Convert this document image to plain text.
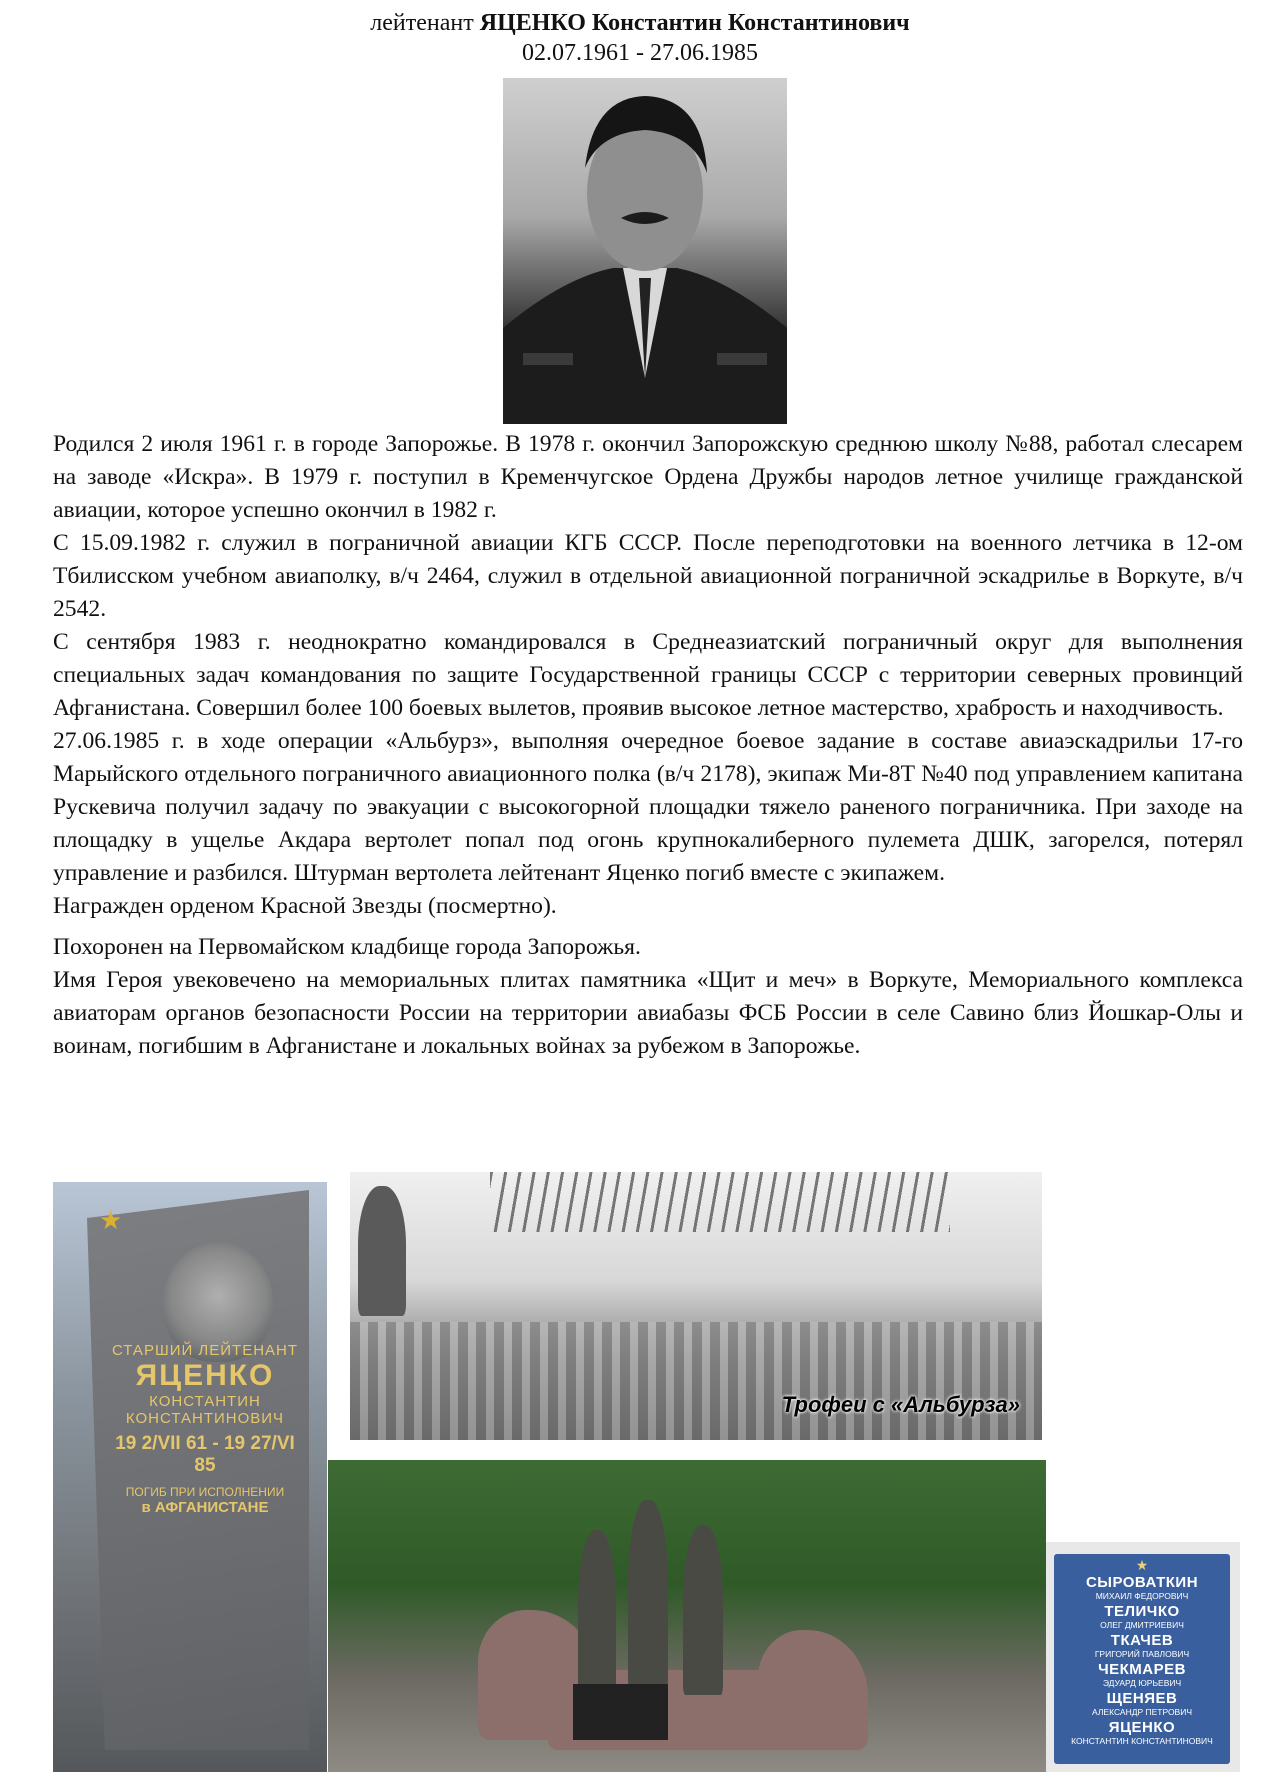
лейтенант ЯЦЕНКО Константин Константинович
02.07.1961 - 27.06.1985

Родился 2 июля 1961 г. в городе Запорожье. В 1978 г. окончил Запорожскую среднюю школу №88, работал слесарем на заводе «Искра». В 1979 г. поступил в Кременчугское Ордена Дружбы народов летное училище гражданской авиации, которое успешно окончил в 1982 г.

С 15.09.1982 г. служил в пограничной авиации КГБ СССР. После переподготовки на военного летчика в 12-ом Тбилисском учебном авиаполку, в/ч 2464, служил в отдельной авиационной пограничной эскадрилье в Воркуте, в/ч 2542.

С сентября 1983 г. неоднократно командировался в Среднеазиатский пограничный округ для выполнения специальных задач командования по защите Государственной границы СССР с территории северных провинций Афганистана. Совершил более 100 боевых вылетов, проявив высокое летное мастерство, храбрость и находчивость.

27.06.1985 г. в ходе операции «Альбурз», выполняя очередное боевое задание в составе авиаэскадрильи 17-го Марыйского отдельного пограничного авиационного полка (в/ч 2178), экипаж Ми-8Т №40 под управлением капитана Рускевича получил задачу по эвакуации с высокогорной площадки тяжело раненого пограничника. При заходе на площадку в ущелье Акдара вертолет попал под огонь крупнокалиберного пулемета ДШК, загорелся, потерял управление и разбился. Штурман вертолета лейтенант Яценко погиб вместе с экипажем.

Награжден орденом Красной Звезды (посмертно).

Похоронен на Первомайском кладбище города Запорожья.

Имя Героя увековечено на мемориальных плитах памятника «Щит и меч» в Воркуте, Мемориального комплекса авиаторам органов безопасности России на территории авиабазы ФСБ России в селе Савино близ Йошкар-Олы и воинам, погибшим в Афганистане и локальных войнах за рубежом в Запорожье.

★
СТАРШИЙ ЛЕЙТЕНАНТ
ЯЦЕНКО
КОНСТАНТИН КОНСТАНТИНОВИЧ
19 2/VII 61 - 19 27/VI 85
ПОГИБ ПРИ ИСПОЛНЕНИИ
в АФГАНИСТАНЕ
Трофеи с «Альбурза»
★
СЫРОВАТКИН
МИХАИЛ ФЕДОРОВИЧ
ТЕЛИЧКО
ОЛЕГ ДМИТРИЕВИЧ
ТКАЧЕВ
ГРИГОРИЙ ПАВЛОВИЧ
ЧЕКМАРЕВ
ЭДУАРД ЮРЬЕВИЧ
ЩЕНЯЕВ
АЛЕКСАНДР ПЕТРОВИЧ
ЯЦЕНКО
КОНСТАНТИН КОНСТАНТИНОВИЧ
